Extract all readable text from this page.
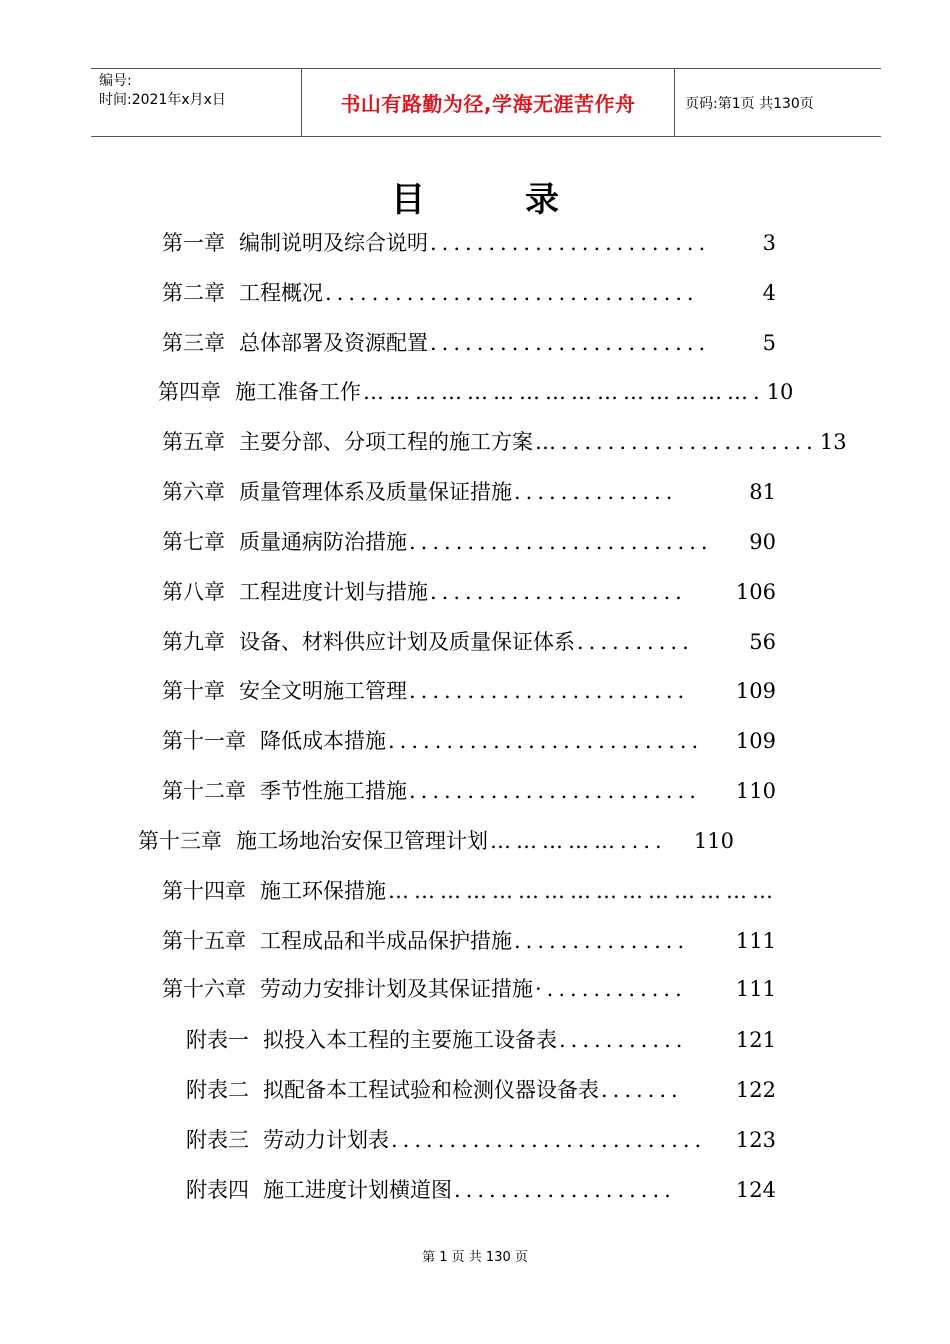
编号:
时间:2021年x月x日	书山有路勤为径,学海无涯苦作舟	页码:第1页 共130页
目录
第一章 编制说明及综合说明 ........................	3
第二章 工程概况 ................................	4
第三章 总体部署及资源配置 ........................	5
第四章 施工准备工作 ………………………………………. 10
第五章 主要分部、分项工程的施工方案 …...................... 13
第六章 质量管理体系及质量保证措施 ..............	81
第七章 质量通病防治措施 ..........................	90
第八章 工程进度计划与措施 ......................	106
第九章 设备、材料供应计划及质量保证体系 ..........	56
第十章 安全文明施工管理 ........................	109
第十一章 降低成本措施 ...........................	109
第十二章 季节性施工措施 .........................	110
第十三章 施工场地治安保卫管理计划 ……………....	110
第十四章 施工环保措施 ………………………………………
第十五章 工程成品和半成品保护措施 ...............	111
第十六章 劳动力安排计划及其保证措施 ·............	111
附表一 拟投入本工程的主要施工设备表 ...........	121
附表二 拟配备本工程试验和检测仪器设备表 .......	122
附表三 劳动力计划表 ...........................	123
附表四 施工进度计划横道图 ...................	124
第 1 页 共 130 页
